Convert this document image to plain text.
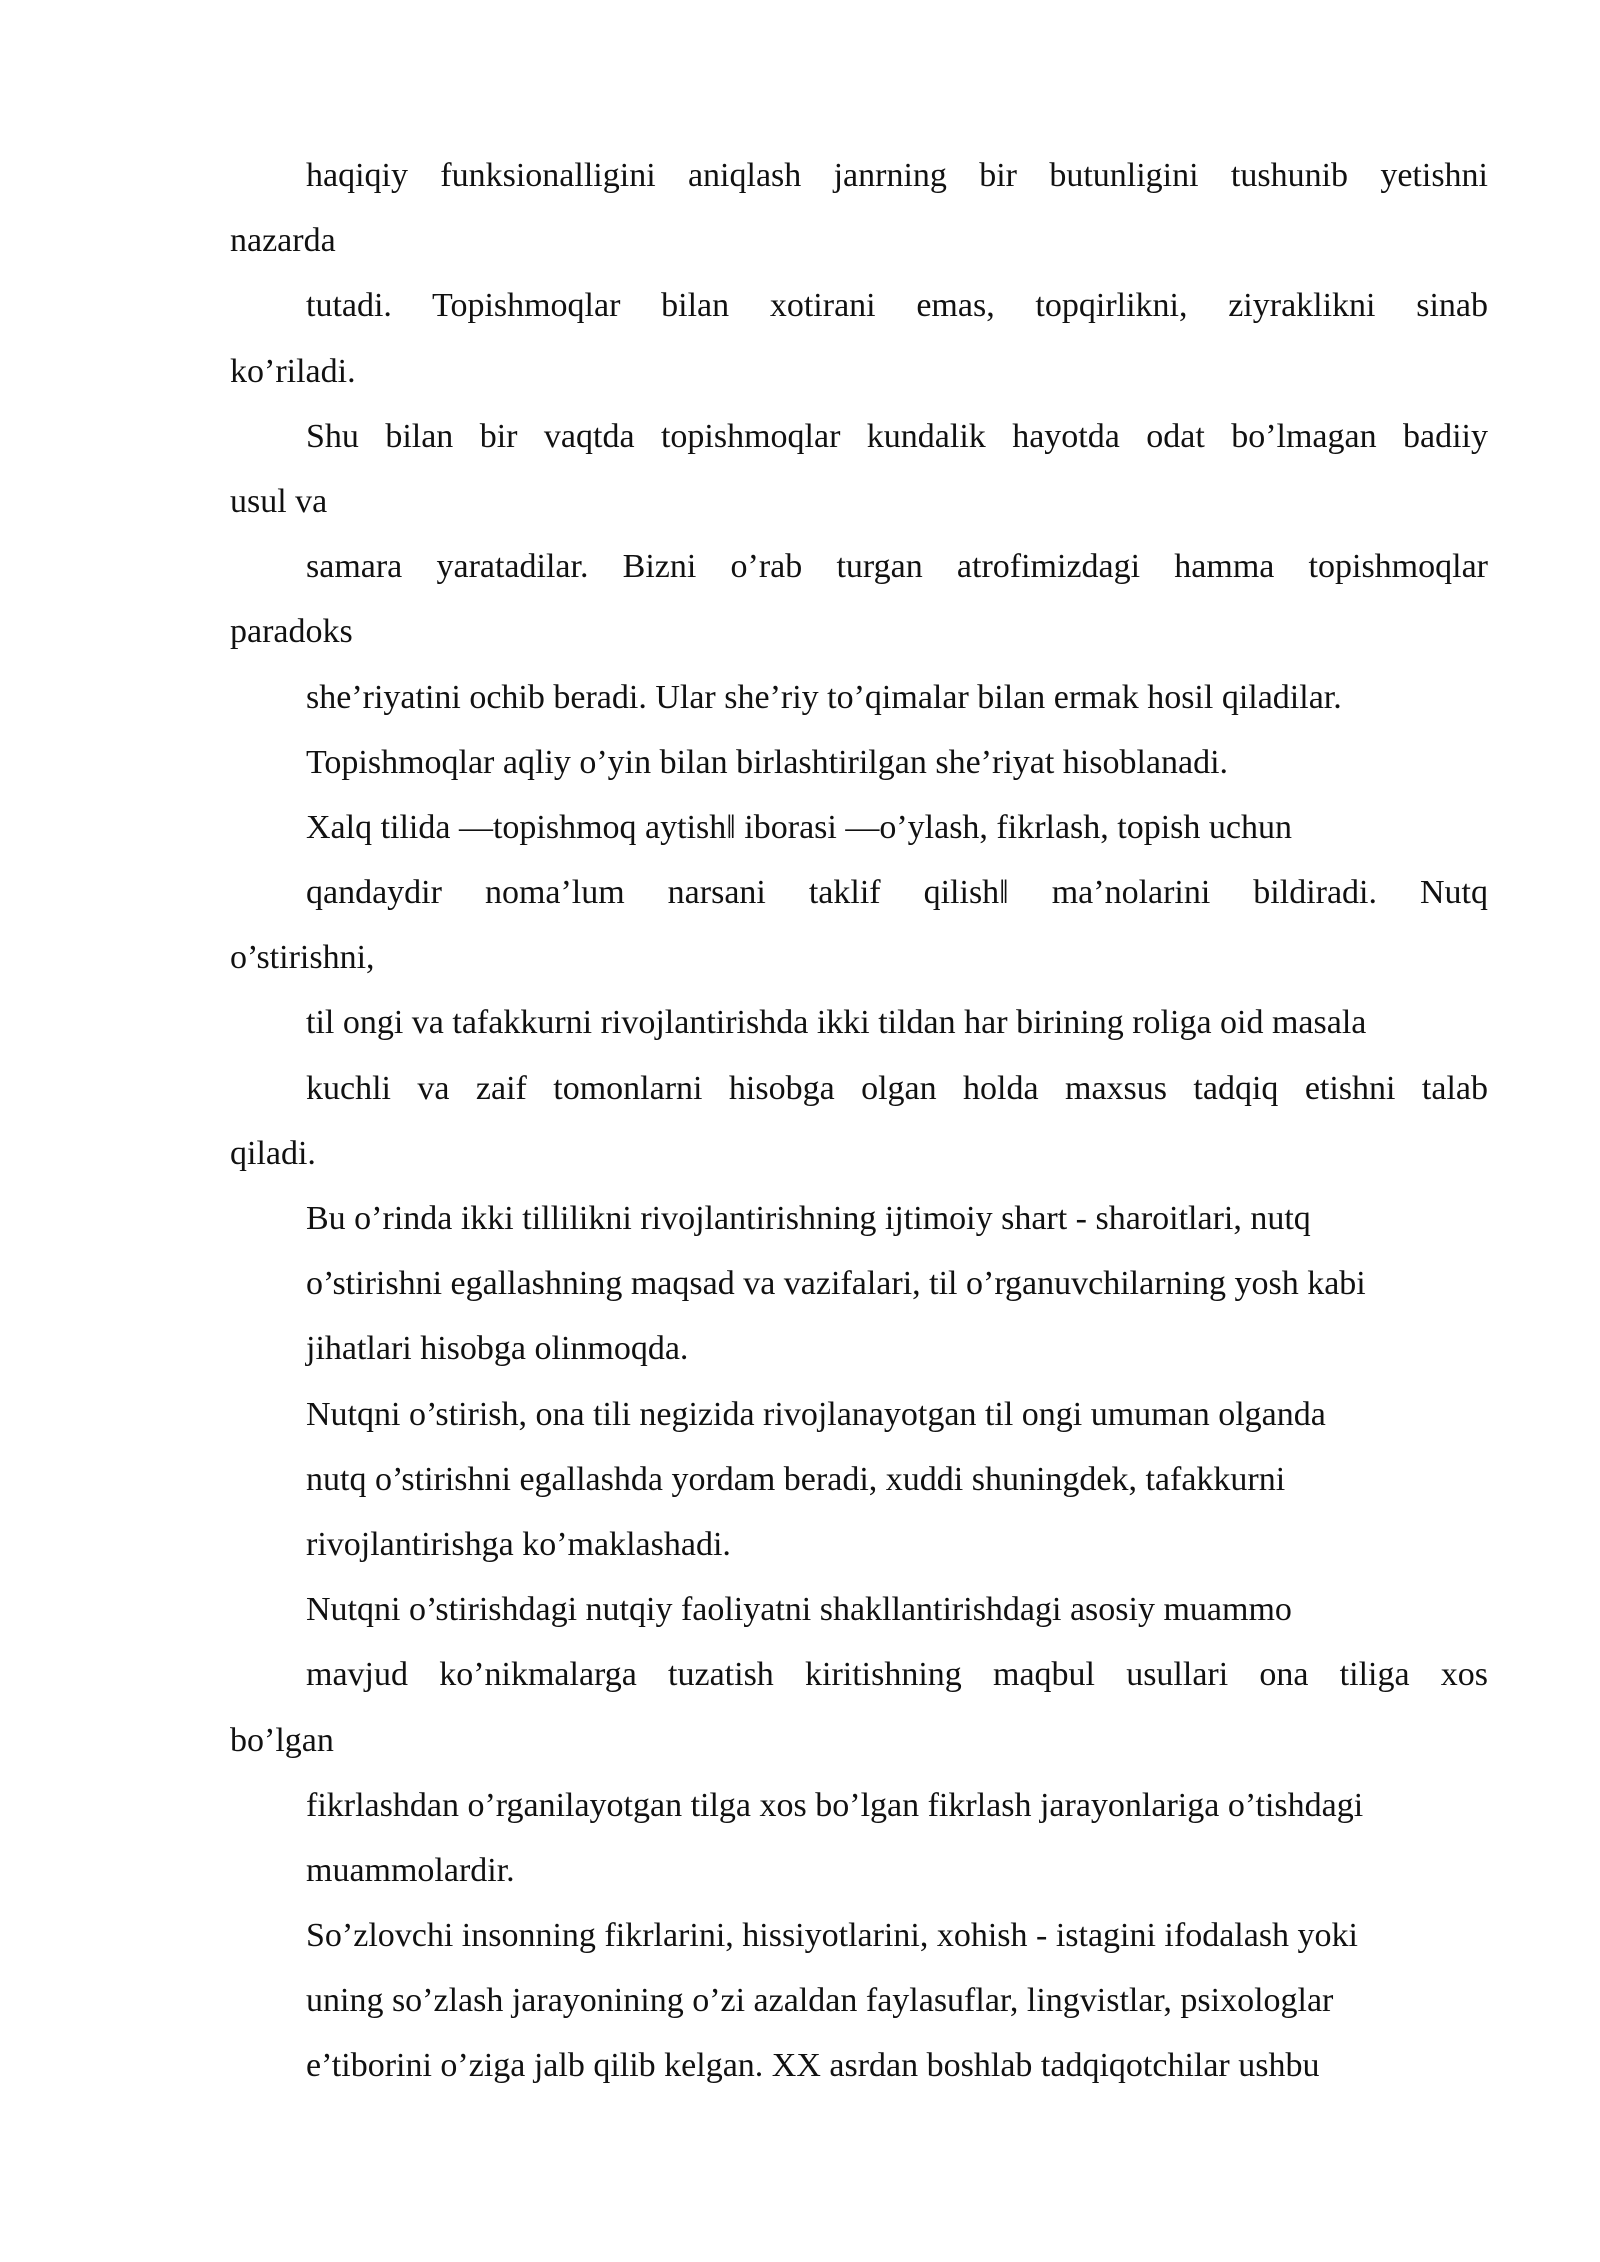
haqiqiy funksionalligini aniqlash janrning bir butunligini tushunib yetishni
nazarda
tutadi. Topishmoqlar bilan xotirani emas, topqirlikni, ziyraklikni sinab
ko’riladi.
Shu bilan bir vaqtda topishmoqlar kundalik hayotda odat bo’lmagan badiiy
usul va
samara yaratadilar. Bizni o’rab turgan atrofimizdagi hamma topishmoqlar
paradoks
she’riyatini ochib beradi. Ular she’riy to’qimalar bilan ermak hosil qiladilar.
Topishmoqlar aqliy o’yin bilan birlashtirilgan she’riyat hisoblanadi.
Xalq tilida ―topishmoq aytish‖ iborasi ―o’ylash, fikrlash, topish uchun
qandaydir noma’lum narsani taklif qilish‖ ma’nolarini bildiradi. Nutq
o’stirishni,
til ongi va tafakkurni rivojlantirishda ikki tildan har birining roliga oid masala
kuchli va zaif tomonlarni hisobga olgan holda maxsus tadqiq etishni talab
qiladi.
Bu o’rinda ikki tillilikni rivojlantirishning ijtimoiy shart - sharoitlari, nutq
o’stirishni egallashning maqsad va vazifalari, til o’rganuvchilarning yosh kabi
jihatlari hisobga olinmoqda.
Nutqni o’stirish, ona tili negizida rivojlanayotgan til ongi umuman olganda
nutq o’stirishni egallashda yordam beradi, xuddi shuningdek, tafakkurni
rivojlantirishga ko’maklashadi.
Nutqni o’stirishdagi nutqiy faoliyatni shakllantirishdagi asosiy muammo
mavjud ko’nikmalarga tuzatish kiritishning maqbul usullari ona tiliga xos
bo’lgan
fikrlashdan o’rganilayotgan tilga xos bo’lgan fikrlash jarayonlariga o’tishdagi
muammolardir.
So’zlovchi insonning fikrlarini, hissiyotlarini, xohish - istagini ifodalash yoki
uning so’zlash jarayonining o’zi azaldan faylasuflar, lingvistlar, psixologlar
e’tiborini o’ziga jalb qilib kelgan. XX asrdan boshlab tadqiqotchilar ushbu
